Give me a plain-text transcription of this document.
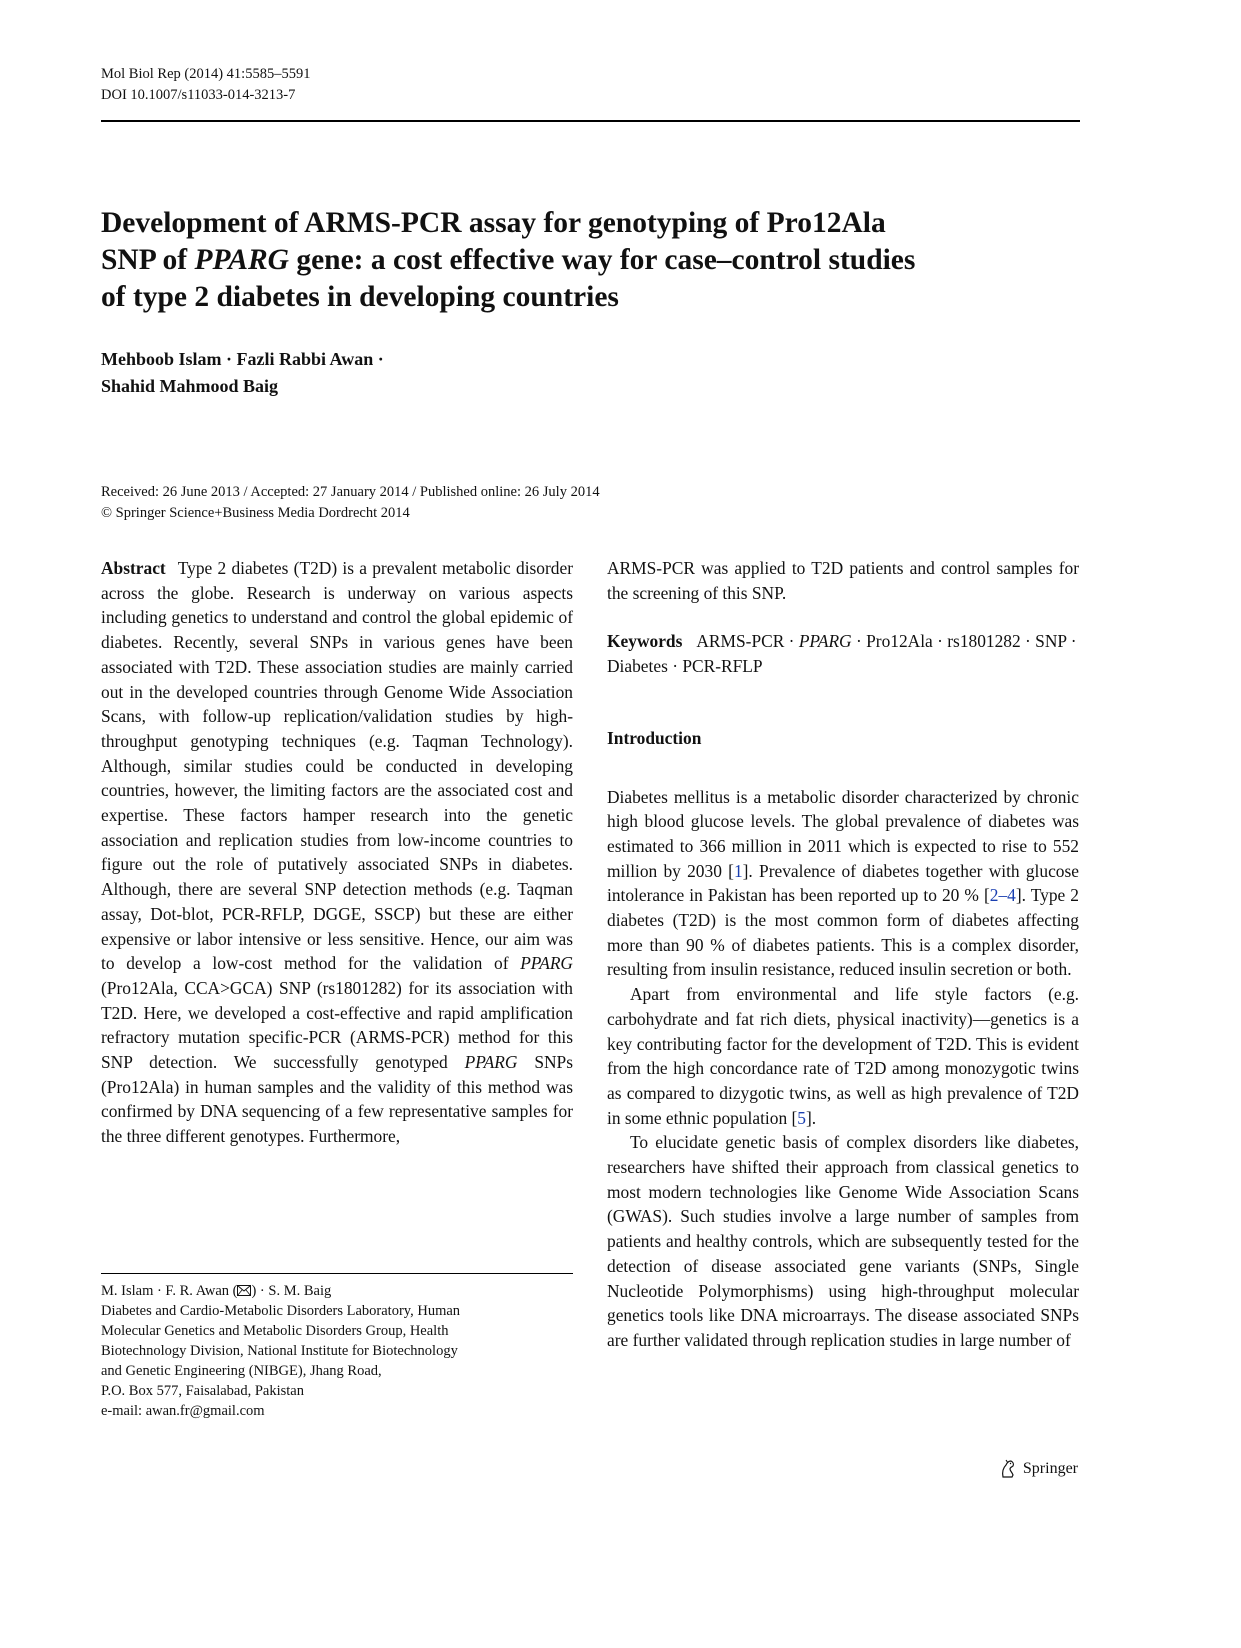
Mol Biol Rep (2014) 41:5585–5591
DOI 10.1007/s11033-014-3213-7
Development of ARMS-PCR assay for genotyping of Pro12Ala
SNP of PPARG gene: a cost effective way for case–control studies
of type 2 diabetes in developing countries
Mehboob Islam · Fazli Rabbi Awan ·
Shahid Mahmood Baig
Received: 26 June 2013 / Accepted: 27 January 2014 / Published online: 26 July 2014
© Springer Science+Business Media Dordrecht 2014
Abstract Type 2 diabetes (T2D) is a prevalent metabolic disorder across the globe. Research is underway on various aspects including genetics to understand and control the global epidemic of diabetes. Recently, several SNPs in various genes have been associated with T2D. These association studies are mainly carried out in the developed countries through Genome Wide Association Scans, with follow-up replication/validation studies by high-throughput genotyping techniques (e.g. Taqman Technology). Although, similar studies could be conducted in developing countries, however, the limiting factors are the associated cost and expertise. These factors hamper research into the genetic association and replication studies from low-income countries to figure out the role of putatively associated SNPs in diabetes. Although, there are several SNP detection methods (e.g. Taqman assay, Dot-blot, PCR-RFLP, DGGE, SSCP) but these are either expensive or labor intensive or less sensitive. Hence, our aim was to develop a low-cost method for the validation of PPARG (Pro12Ala, CCA>GCA) SNP (rs1801282) for its association with T2D. Here, we developed a cost-effective and rapid amplification refractory mutation specific-PCR (ARMS-PCR) method for this SNP detection. We successfully genotyped PPARG SNPs (Pro12Ala) in human samples and the validity of this method was confirmed by DNA sequencing of a few representative samples for the three different genotypes. Furthermore,

ARMS-PCR was applied to T2D patients and control samples for the screening of this SNP.

Keywords ARMS-PCR · PPARG · Pro12Ala · rs1801282 · SNP · Diabetes · PCR-RFLP
Introduction

Diabetes mellitus is a metabolic disorder characterized by chronic high blood glucose levels. The global prevalence of diabetes was estimated to 366 million in 2011 which is expected to rise to 552 million by 2030 [1]. Prevalence of diabetes together with glucose intolerance in Pakistan has been reported up to 20 % [2–4]. Type 2 diabetes (T2D) is the most common form of diabetes affecting more than 90 % of diabetes patients. This is a complex disorder, resulting from insulin resistance, reduced insulin secretion or both.

Apart from environmental and life style factors (e.g. carbohydrate and fat rich diets, physical inactivity)—genetics is a key contributing factor for the development of T2D. This is evident from the high concordance rate of T2D among monozygotic twins as compared to dizygotic twins, as well as high prevalence of T2D in some ethnic population [5].

To elucidate genetic basis of complex disorders like diabetes, researchers have shifted their approach from classical genetics to most modern technologies like Genome Wide Association Scans (GWAS). Such studies involve a large number of samples from patients and healthy controls, which are subsequently tested for the detection of disease associated gene variants (SNPs, Single Nucleotide Polymorphisms) using high-throughput molecular genetics tools like DNA microarrays. The disease associated SNPs are further validated through replication studies in large number of

M. Islam · F. R. Awan ( ) · S. M. Baig
Diabetes and Cardio-Metabolic Disorders Laboratory, Human
Molecular Genetics and Metabolic Disorders Group, Health
Biotechnology Division, National Institute for Biotechnology
and Genetic Engineering (NIBGE), Jhang Road,
P.O. Box 577, Faisalabad, Pakistan
e-mail: awan.fr@gmail.com
Springer
